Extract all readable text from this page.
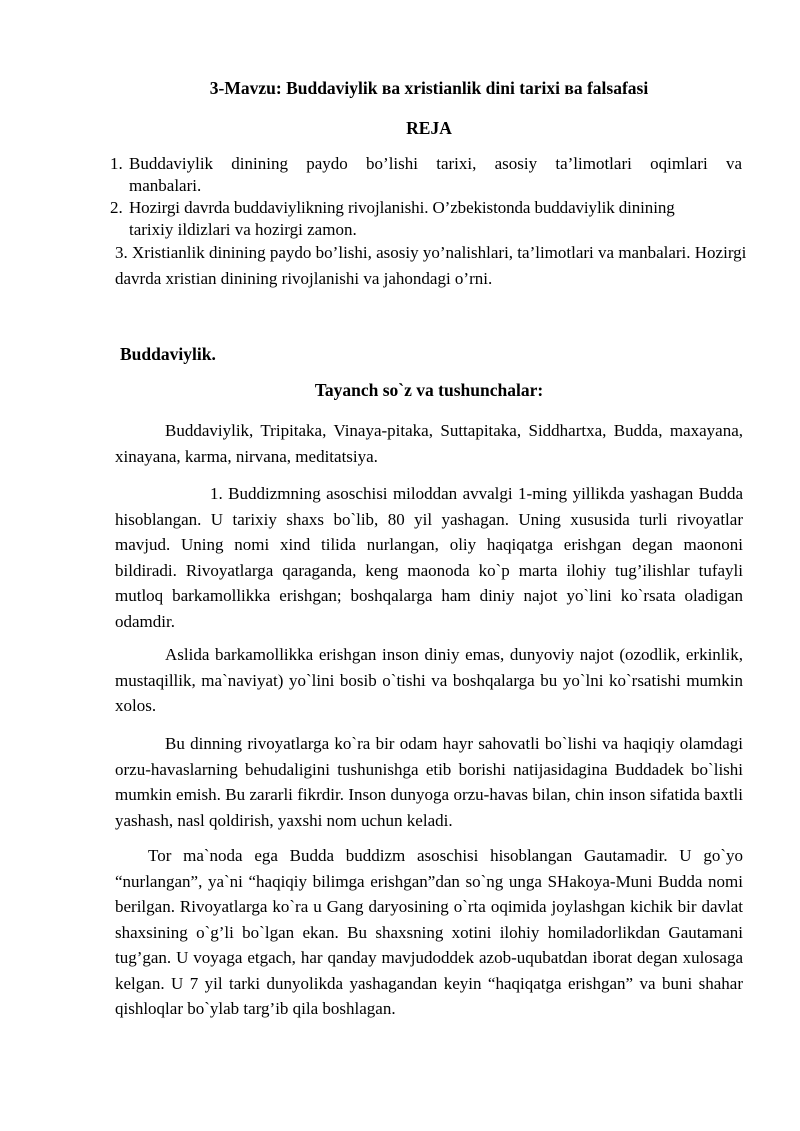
3-Mavzu: Buddaviylik ва xristianlik dini tarixi ва falsafasi
REJA
1. Buddaviylik dinining paydo bo’lishi tarixi, asosiy ta’limotlari oqimlari va
manbalari.
2. Hozirgi davrda buddaviylikning rivojlanishi. O’zbekistonda buddaviylik dinining
tarixiy ildizlari va hozirgi zamon.
3. Xristianlik dinining paydo bo’lishi, asosiy yo’nalishlari, ta’limotlari va manbalari. Hozirgi davrda xristian dinining rivojlanishi va jahondagi o’rni.
Buddaviylik.
Tayanch so`z va tushunchalar:
Buddaviylik, Tripitaka, Vinaya-pitaka, Suttapitaka, Siddhartxa, Budda, maxayana, xinayana, karma, nirvana, meditatsiya.
1. Buddizmning asoschisi miloddan avvalgi 1-ming yillikda yashagan Budda hisoblangan. U tarixiy shaxs bo`lib, 80 yil yashagan. Uning xususida turli rivoyatlar mavjud. Uning nomi xind tilida nurlangan, oliy haqiqatga erishgan degan maononi bildiradi. Rivoyatlarga qaraganda, keng maonoda ko`p marta ilohiy tug’ilishlar tufayli mutloq barkamollikka erishgan; boshqalarga ham diniy najot yo`lini ko`rsata oladigan odamdir.
Aslida barkamollikka erishgan inson diniy emas, dunyoviy najot (ozodlik, erkinlik, mustaqillik, ma`naviyat) yo`lini bosib o`tishi va boshqalarga bu yo`lni ko`rsatishi mumkin xolos.
Bu dinning rivoyatlarga ko`ra bir odam hayr sahovatli bo`lishi va haqiqiy olamdagi orzu-havaslarning behudaligini tushunishga etib borishi natijasidagina Buddadek bo`lishi mumkin emish. Bu zararli fikrdir. Inson dunyoga orzu-havas bilan, chin inson sifatida baxtli yashash, nasl qoldirish, yaxshi nom uchun keladi.
Tor ma`noda ega Budda buddizm asoschisi hisoblangan Gautamadir. U go`yo “nurlangan”, ya`ni “haqiqiy bilimga erishgan”dan so`ng unga SHakoya-Muni Budda nomi berilgan. Rivoyatlarga ko`ra u Gang daryosining o`rta oqimida joylashgan kichik bir davlat shaxsining o`g’li bo`lgan ekan. Bu shaxsning xotini ilohiy homiladorlikdan Gautamani tug’gan. U voyaga etgach, har qanday mavjudoddek azob-uqubatdan iborat degan xulosaga kelgan. U 7 yil tarki dunyolikda yashagandan keyin “haqiqatga erishgan” va buni shahar qishloqlar bo`ylab targ’ib qila boshlagan.
